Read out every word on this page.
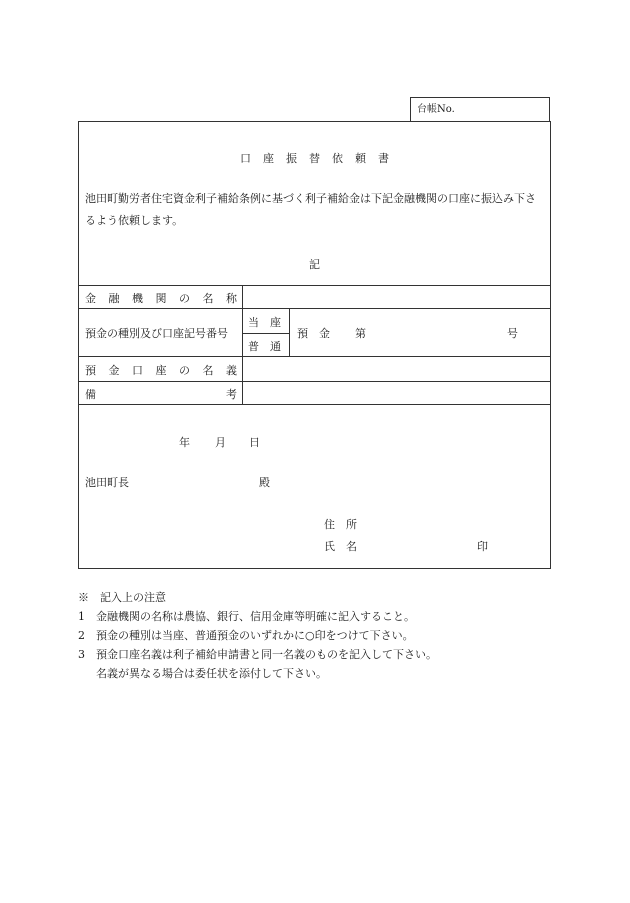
台帳No.
口座振替依頼書
池田町勤労者住宅資金利子補給条例に基づく利子補給金は下記金融機関の口座に振込み下さるよう依頼します。
記
金 融 機 関 の 名 称
預金の種別及び口座記号番号
当　座
普　通
預　金 第	号
預 金 口 座 の 名 義
備	考
年 月 日
池田町長	殿
住　所
氏　名	印
※　記入上の注意
1	金融機関の名称は農協、銀行、信用金庫等明確に記入すること。
2	預金の種別は当座、普通預金のいずれかに○印をつけて下さい。
3	預金口座名義は利子補給申請書と同一名義のものを記入して下さい。
名義が異なる場合は委任状を添付して下さい。
